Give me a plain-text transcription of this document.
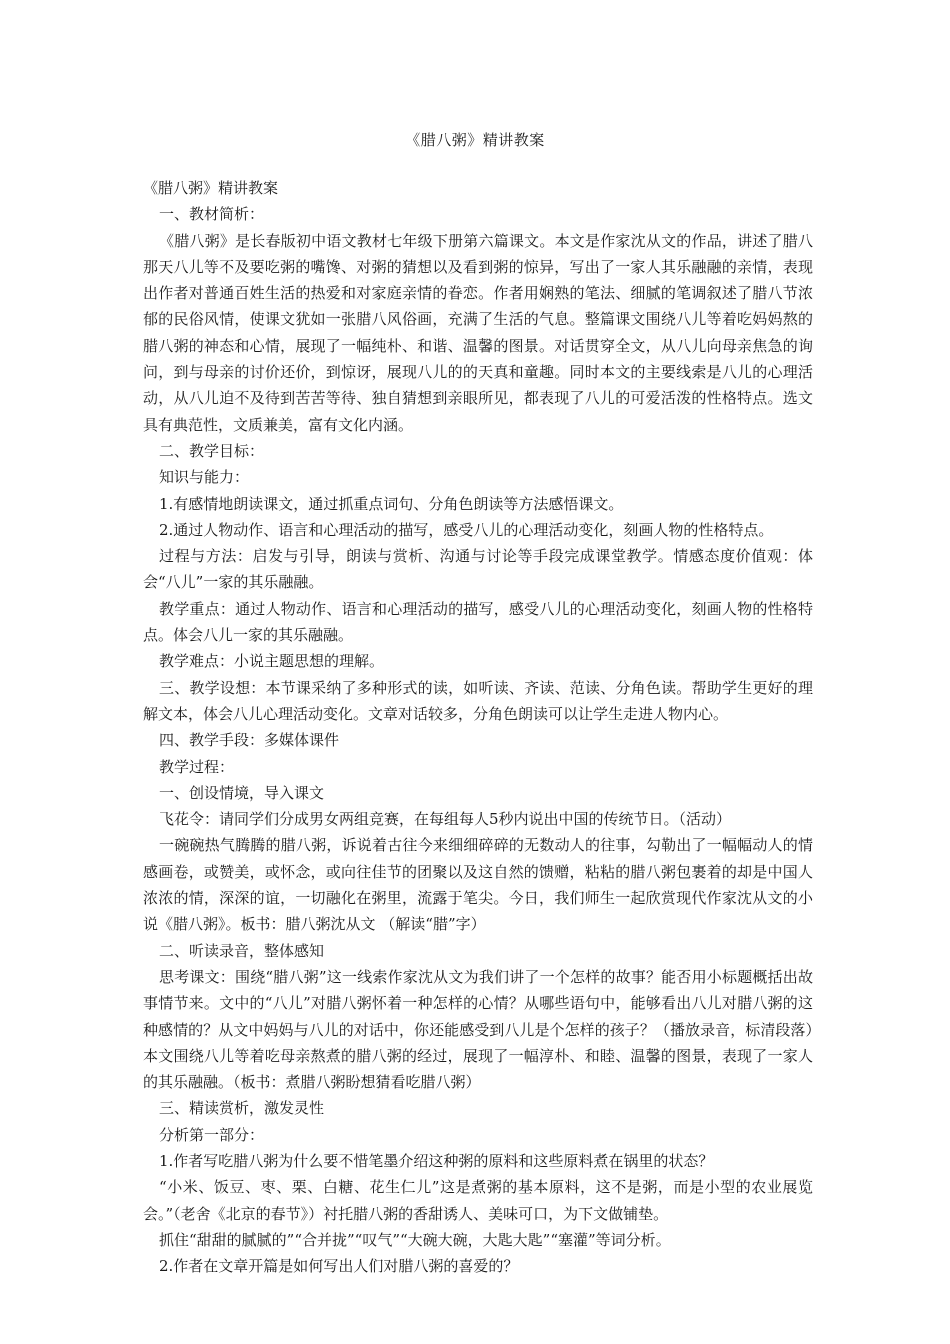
《腊八粥》精讲教案

《腊八粥》精讲教案

一、教材简析：

《腊八粥》是长春版初中语文教材七年级下册第六篇课文。本文是作家沈从文的作品，讲述了腊八那天八儿等不及要吃粥的嘴馋、对粥的猜想以及看到粥的惊异，写出了一家人其乐融融的亲情，表现出作者对普通百姓生活的热爱和对家庭亲情的眷恋。作者用娴熟的笔法、细腻的笔调叙述了腊八节浓郁的民俗风情，使课文犹如一张腊八风俗画，充满了生活的气息。整篇课文围绕八儿等着吃妈妈熬的腊八粥的神态和心情，展现了一幅纯朴、和谐、温馨的图景。对话贯穿全文，从八儿向母亲焦急的询问，到与母亲的讨价还价，到惊讶，展现八儿的的天真和童趣。同时本文的主要线索是八儿的心理活动，从八儿迫不及待到苦苦等待、独自猜想到亲眼所见，都表现了八儿的可爱活泼的性格特点。选文具有典范性，文质兼美，富有文化内涵。

二、教学目标：

知识与能力：

1.有感情地朗读课文，通过抓重点词句、分角色朗读等方法感悟课文。

2.通过人物动作、语言和心理活动的描写，感受八儿的心理活动变化，刻画人物的性格特点。

过程与方法：启发与引导，朗读与赏析、沟通与讨论等手段完成课堂教学。情感态度价值观：体会“八儿”一家的其乐融融。

教学重点：通过人物动作、语言和心理活动的描写，感受八儿的心理活动变化，刻画人物的性格特点。体会八儿一家的其乐融融。

教学难点：小说主题思想的理解。

三、教学设想：本节课采纳了多种形式的读，如听读、齐读、范读、分角色读。帮助学生更好的理解文本，体会八儿心理活动变化。文章对话较多，分角色朗读可以让学生走进人物内心。

四、教学手段：多媒体课件

教学过程：

一、创设情境，导入课文

飞花令：请同学们分成男女两组竞赛，在每组每人5秒内说出中国的传统节日。（活动）

一碗碗热气腾腾的腊八粥，诉说着古往今来细细碎碎的无数动人的往事，勾勒出了一幅幅动人的情感画卷，或赞美，或怀念，或向往佳节的团聚以及这自然的馈赠，粘粘的腊八粥包裹着的却是中国人浓浓的情，深深的谊，一切融化在粥里，流露于笔尖。今日，我们师生一起欣赏现代作家沈从文的小说《腊八粥》。板书：腊八粥沈从文 （解读“腊”字）

二、听读录音，整体感知

思考课文：围绕“腊八粥”这一线索作家沈从文为我们讲了一个怎样的故事？能否用小标题概括出故事情节来。文中的“八儿”对腊八粥怀着一种怎样的心情？从哪些语句中，能够看出八儿对腊八粥的这种感情的？从文中妈妈与八儿的对话中，你还能感受到八儿是个怎样的孩子？（播放录音，标清段落）本文围绕八儿等着吃母亲熬煮的腊八粥的经过，展现了一幅淳朴、和睦、温馨的图景，表现了一家人的其乐融融。（板书：煮腊八粥盼想猜看吃腊八粥）

三、精读赏析，激发灵性

分析第一部分：

1.作者写吃腊八粥为什么要不惜笔墨介绍这种粥的原料和这些原料煮在锅里的状态？

“小米、饭豆、枣、栗、白糖、花生仁儿”这是煮粥的基本原料，这不是粥，而是小型的农业展览会。”（老舍《北京的春节》）衬托腊八粥的香甜诱人、美味可口，为下文做铺垫。

抓住“甜甜的腻腻的”“合并拢”“叹气”“大碗大碗，大匙大匙”“塞灌”等词分析。

2.作者在文章开篇是如何写出人们对腊八粥的喜爱的？
